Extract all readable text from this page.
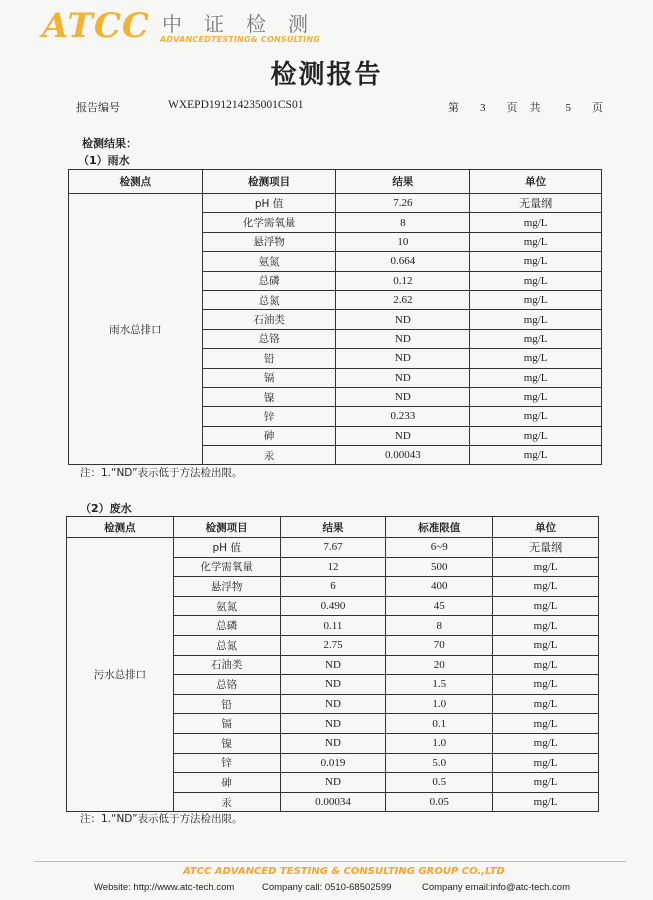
ATCC 中证检测
ADVANCEDTESTING& CONSULTING
检测报告
报告编号	WXEPD191214235001CS01	第 3 页共 5 页
检测结果：
（1）雨水
检测点	检测项目	结果	单位
雨水总排口	pH 值	7.26	无量纲
	化学需氧量	8	mg/L
	悬浮物	10	mg/L
	氨氮	0.664	mg/L
	总磷	0.12	mg/L
	总氮	2.62	mg/L
	石油类	ND	mg/L
	总铬	ND	mg/L
	铅	ND	mg/L
	镉	ND	mg/L
	镍	ND	mg/L
	锌	0.233	mg/L
	砷	ND	mg/L
	汞	0.00043	mg/L
注：1.“ND”表示低于方法检出限。
（2）废水
检测点	检测项目	结果	标准限值	单位
污水总排口	pH 值	7.67	6~9	无量纲
	化学需氧量	12	500	mg/L
	悬浮物	6	400	mg/L
	氨氮	0.490	45	mg/L
	总磷	0.11	8	mg/L
	总氮	2.75	70	mg/L
	石油类	ND	20	mg/L
	总铬	ND	1.5	mg/L
	铅	ND	1.0	mg/L
	镉	ND	0.1	mg/L
	镍	ND	1.0	mg/L
	锌	0.019	5.0	mg/L
	砷	ND	0.5	mg/L
	汞	0.00034	0.05	mg/L
注：1.“ND”表示低于方法检出限。
ATCC ADVANCED TESTING & CONSULTING GROUP CO.,LTD
Website: http://www.atc-tech.com	Company call: 0510-68502599	Company email:info@atc-tech.com
